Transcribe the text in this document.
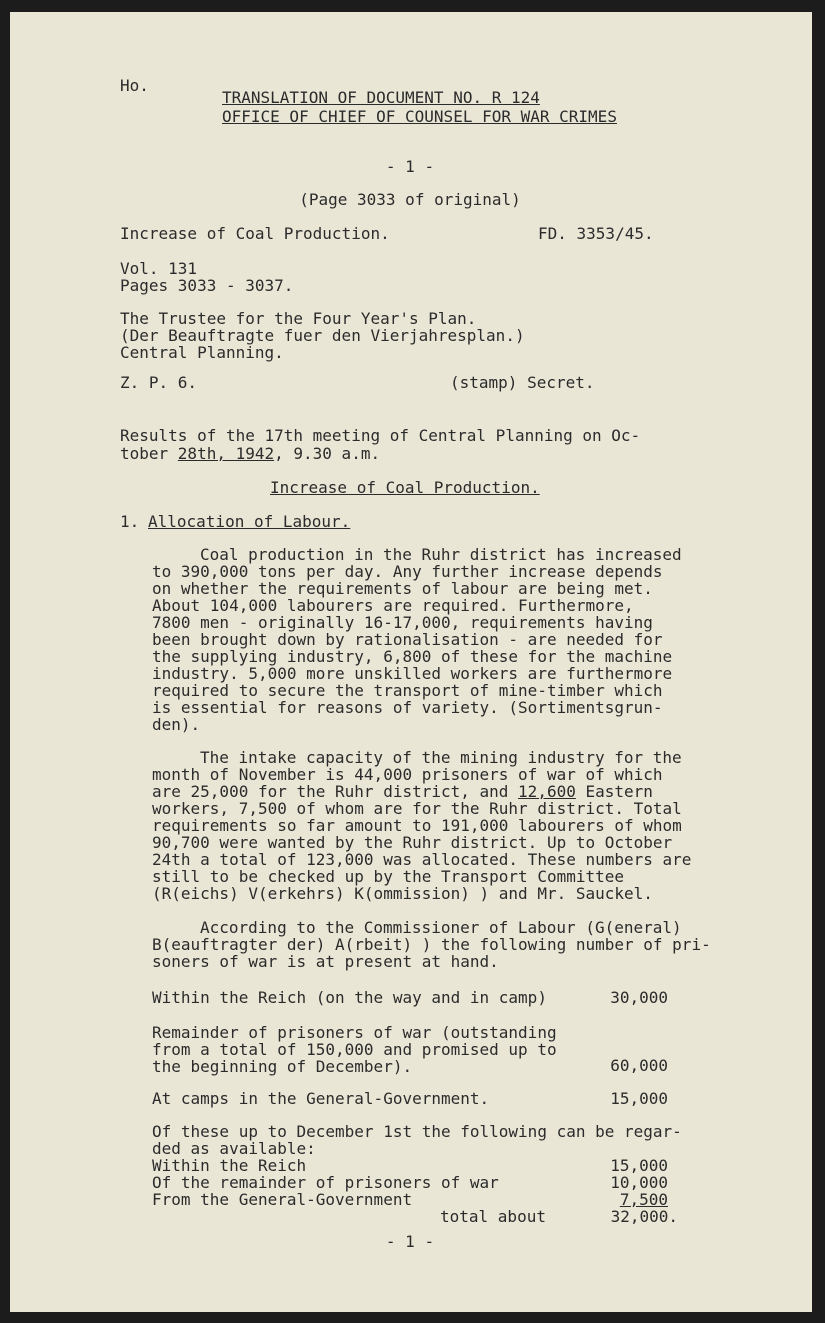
Ho.
TRANSLATION OF DOCUMENT NO. R 124
OFFICE OF CHIEF OF COUNSEL FOR WAR CRIMES
- 1 -
(Page 3033 of original)
Increase of Coal Production.	FD. 3353/45.
Vol. 131
Pages 3033 - 3037.
The Trustee for the Four Year's Plan.
(Der Beauftragte fuer den Vierjahresplan.)
Central Planning.
Z. P. 6.	(stamp) Secret.
Results of the 17th meeting of Central Planning on Oc-
tober 28th, 1942, 9.30 a.m.
Increase of Coal Production.
1. Allocation of Labour.
Coal production in the Ruhr district has increased
to 390,000 tons per day. Any further increase depends
on whether the requirements of labour are being met.
About 104,000 labourers are required. Furthermore,
7800 men - originally 16-17,000, requirements having
been brought down by rationalisation - are needed for
the supplying industry, 6,800 of these for the machine
industry. 5,000 more unskilled workers are furthermore
required to secure the transport of mine-timber which
is essential for reasons of variety. (Sortimentsgrun-
den).
The intake capacity of the mining industry for the
month of November is 44,000 prisoners of war of which
are 25,000 for the Ruhr district, and 12,600 Eastern
workers, 7,500 of whom are for the Ruhr district. Total
requirements so far amount to 191,000 labourers of whom
90,700 were wanted by the Ruhr district. Up to October
24th a total of 123,000 was allocated. These numbers are
still to be checked up by the Transport Committee
(R(eichs) V(erkehrs) K(ommission) ) and Mr. Sauckel.
According to the Commissioner of Labour (G(eneral)
B(eauftragter der) A(rbeit) ) the following number of pri-
soners of war is at present at hand.
Within the Reich (on the way and in camp)	30,000
Remainder of prisoners of war (outstanding
from a total of 150,000 and promised up to
the beginning of December).	60,000
At camps in the General-Government.	15,000
Of these up to December 1st the following can be regar-
ded as available:
Within the Reich	15,000
Of the remainder of prisoners of war	10,000
From the General-Government	7,500
total about	32,000.
- 1 -
